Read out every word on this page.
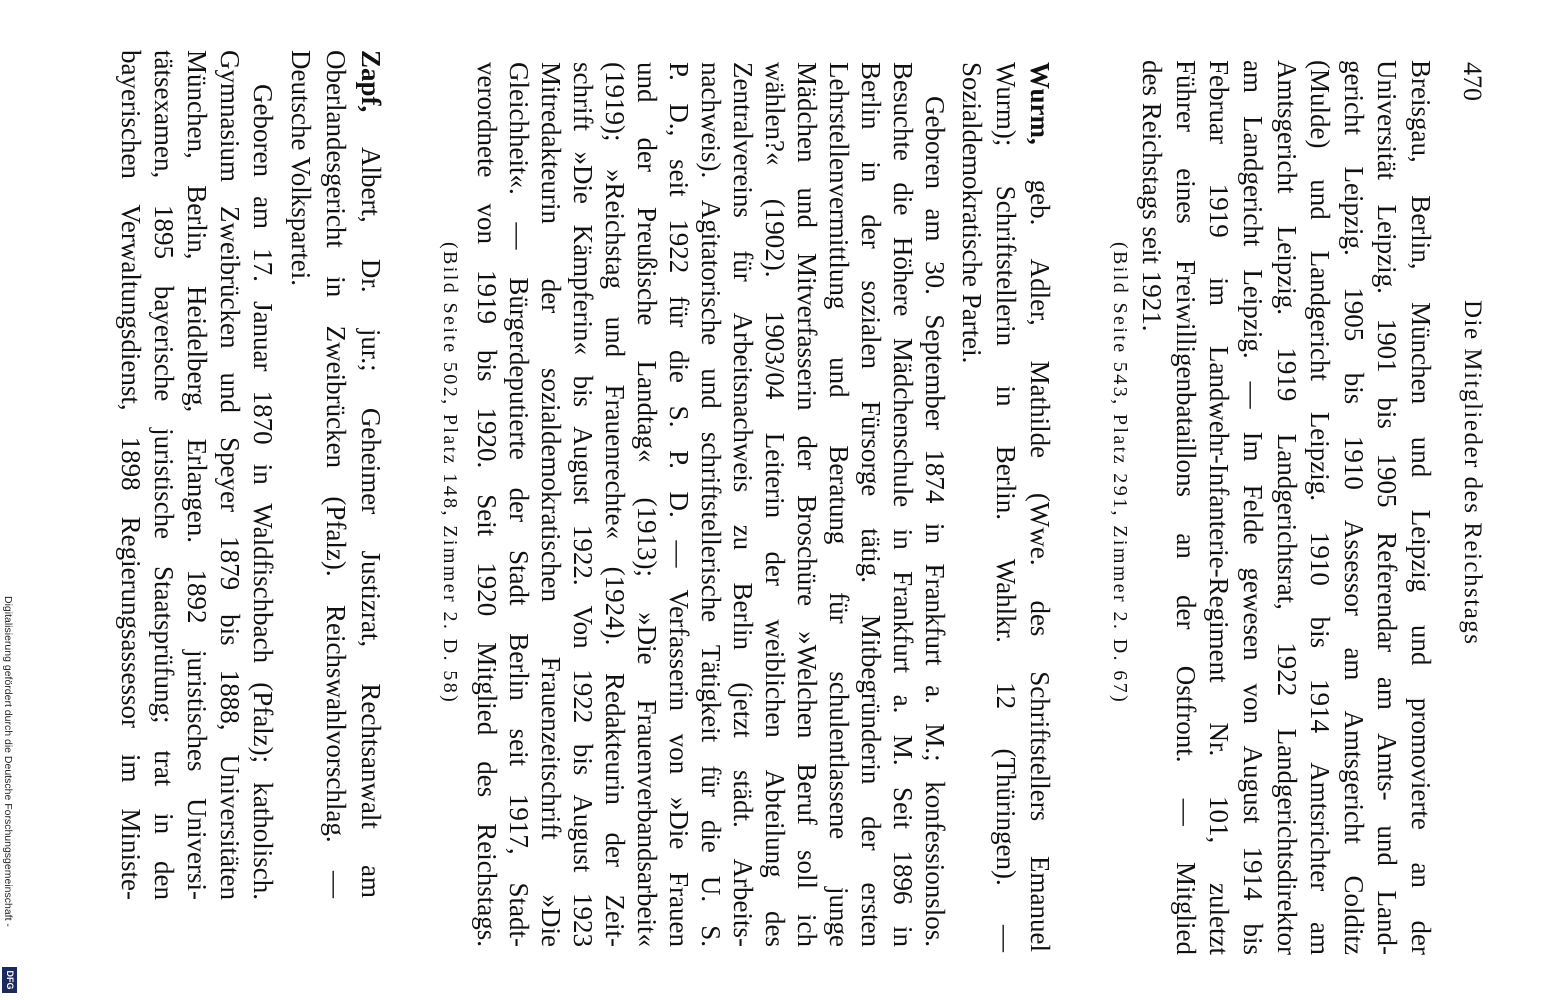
470
Die Mitglieder des Reichstags
Breisgau, Berlin, München und Leipzig und promovierte an der
Universität Leipzig. 1901 bis 1905 Referendar am Amts- und Land-
gericht Leipzig. 1905 bis 1910 Assessor am Amtsgericht Colditz
(Mulde) und Landgericht Leipzig. 1910 bis 1914 Amtsrichter am
Amtsgericht Leipzig. 1919 Landgerichtsrat, 1922 Landgerichtsdirektor
am Landgericht Leipzig. — Im Felde gewesen von August 1914 bis
Februar 1919 im Landwehr-Infanterie-Regiment Nr. 101, zuletzt
Führer eines Freiwilligenbataillons an der Ostfront. — Mitglied
des Reichstags seit 1921.
(Bild Seite 543, Platz 291, Zimmer 2. D. 67)
Wurm, geb. Adler, Mathilde (Wwe. des Schriftstellers Emanuel
Wurm); Schriftstellerin in Berlin. Wahlkr. 12 (Thüringen). —
Sozialdemokratische Partei.
Geboren am 30. September 1874 in Frankfurt a. M.; konfessionslos.
Besuchte die Höhere Mädchenschule in Frankfurt a. M. Seit 1896 in
Berlin in der sozialen Fürsorge tätig. Mitbegründerin der ersten
Lehrstellenvermittlung und Beratung für schulentlassene junge
Mädchen und Mitverfasserin der Broschüre »Welchen Beruf soll ich
wählen?« (1902). 1903/04 Leiterin der weiblichen Abteilung des
Zentralvereins für Arbeitsnachweis zu Berlin (jetzt städt. Arbeits-
nachweis). Agitatorische und schriftstellerische Tätigkeit für die U. S.
P. D., seit 1922 für die S. P. D. — Verfasserin von »Die Frauen
und der Preußische Landtag« (1913); »Die Frauenverbandsarbeit«
(1919); »Reichstag und Frauenrechte« (1924). Redakteurin der Zeit-
schrift »Die Kämpferin« bis August 1922. Von 1922 bis August 1923
Mitredakteurin der sozialdemokratischen Frauenzeitschrift »Die
Gleichheit«. — Bürgerdeputierte der Stadt Berlin seit 1917, Stadt-
verordnete von 1919 bis 1920. Seit 1920 Mitglied des Reichstags.
(Bild Seite 502, Platz 148, Zimmer 2. D. 58)
Zapf, Albert, Dr. jur.; Geheimer Justizrat, Rechtsanwalt am
Oberlandesgericht in Zweibrücken (Pfalz). Reichswahlvorschlag. —
Deutsche Volkspartei.
Geboren am 17. Januar 1870 in Waldfischbach (Pfalz); katholisch.
Gymnasium Zweibrücken und Speyer 1879 bis 1888, Universitäten
München, Berlin, Heidelberg, Erlangen. 1892 juristisches Universi-
tätsexamen, 1895 bayerische juristische Staatsprüfung; trat in den
bayerischen Verwaltungsdienst, 1898 Regierungsassessor im Ministe-
Digitalisierung gefördert durch die Deutsche Forschungsgemeinschaft -
DFG
